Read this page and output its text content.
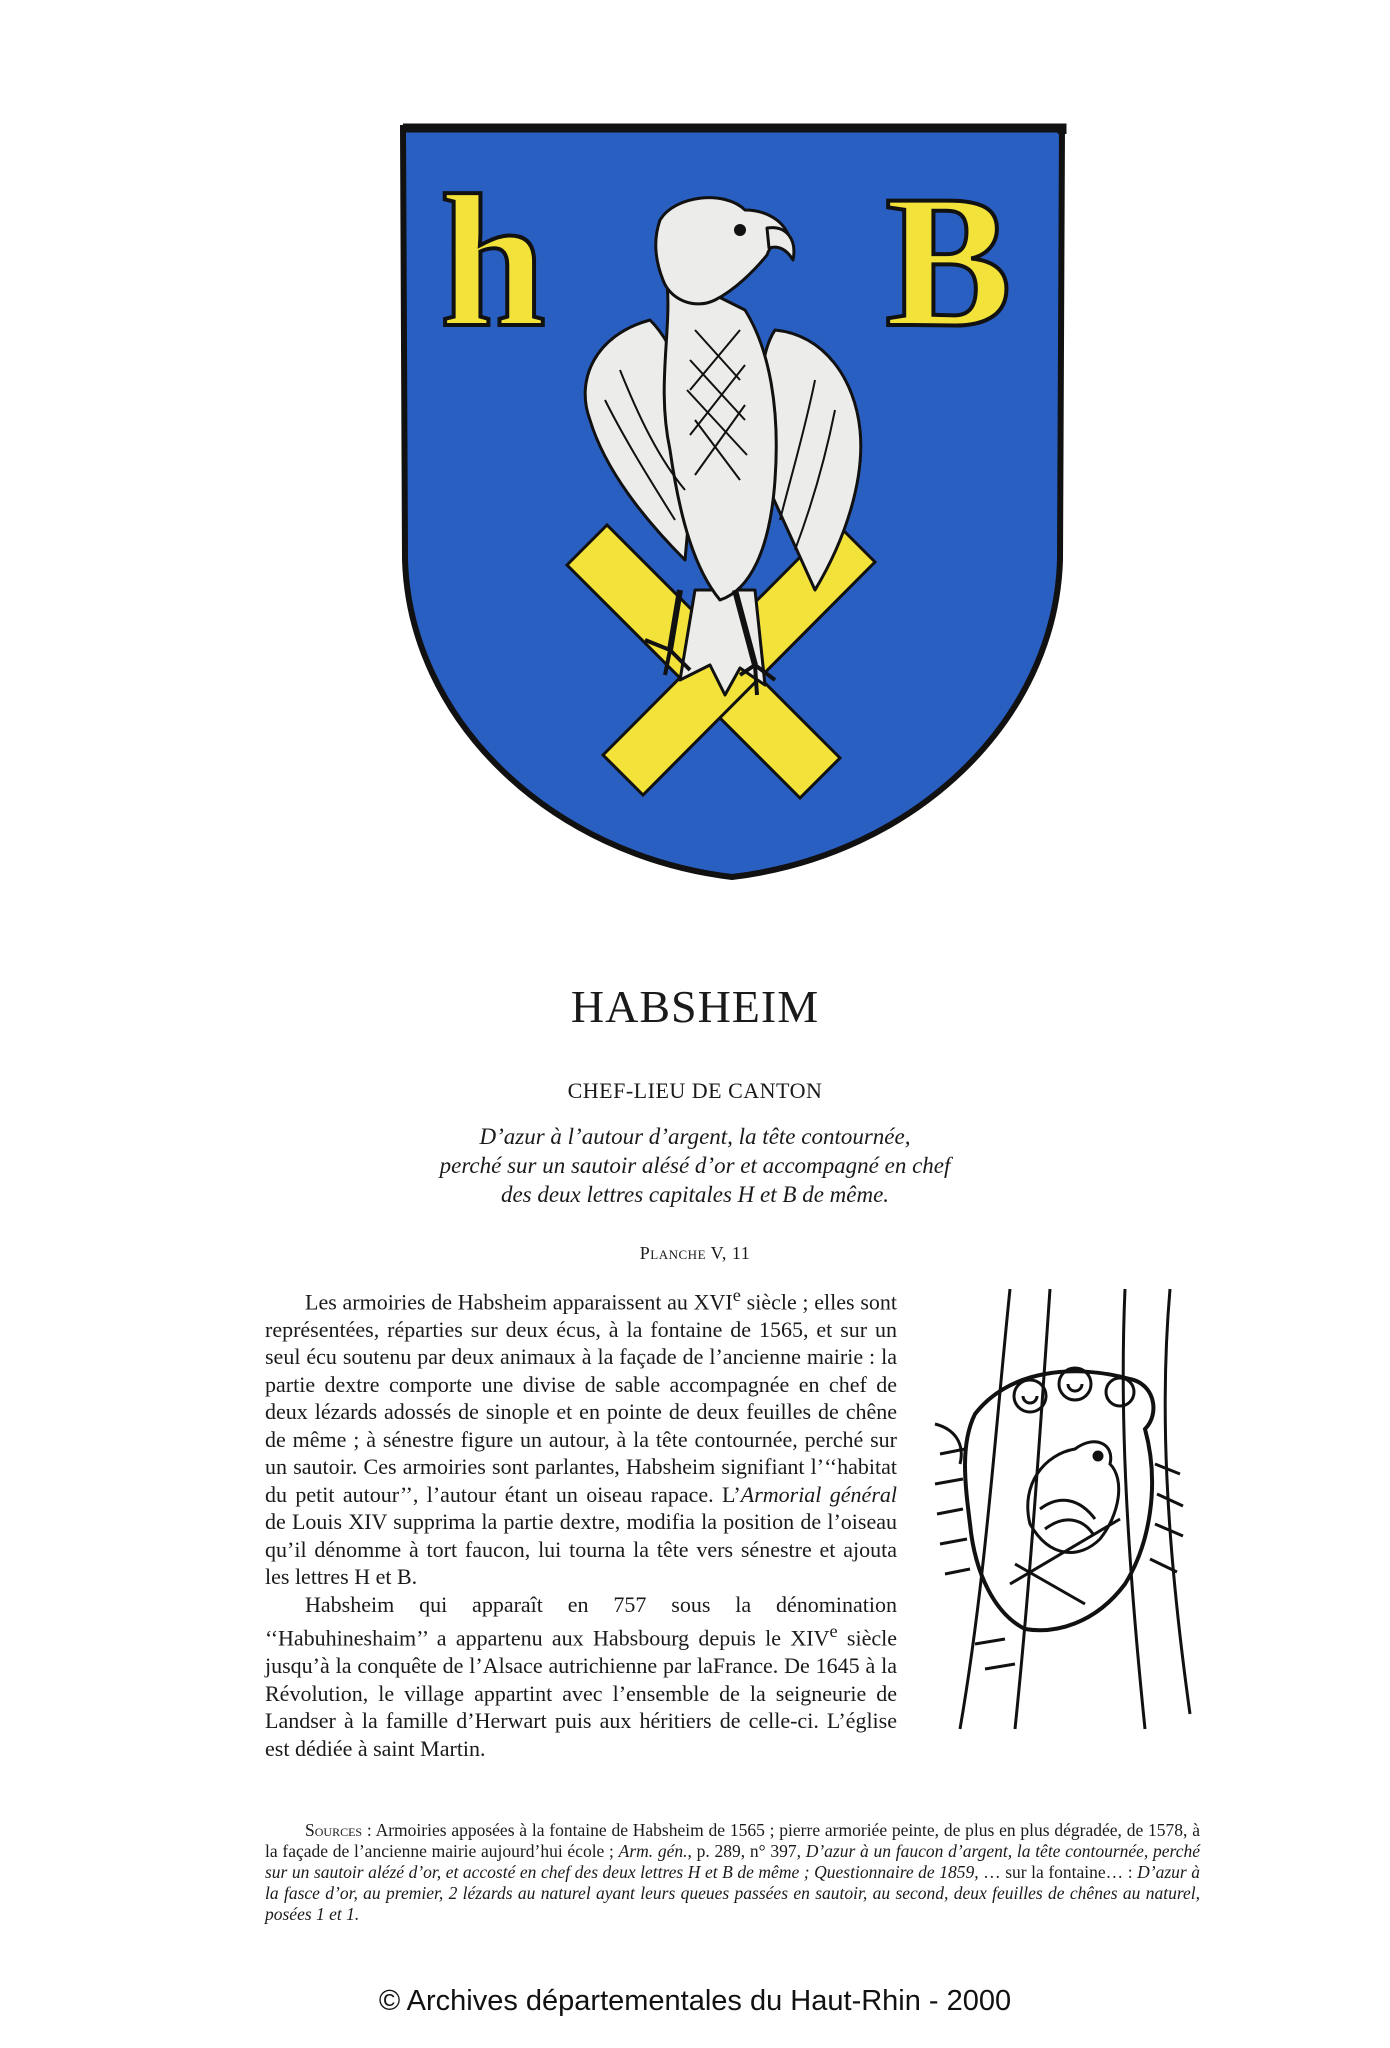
h B
HABSHEIM
CHEF-LIEU DE CANTON
D’azur à l’autour d’argent, la tête contournée,
perché sur un sautoir alésé d’or et accompagné en chef
des deux lettres capitales H et B de même.
Planche V, 11

Les armoiries de Habsheim apparaissent au XVIe siècle ; elles sont représentées, réparties sur deux écus, à la fontaine de 1565, et sur un seul écu soutenu par deux animaux à la façade de l’ancienne mairie : la partie dextre comporte une divise de sable accompagnée en chef de deux lézards adossés de sinople et en pointe de deux feuilles de chêne de même ; à sénestre figure un autour, à la tête contournée, perché sur un sautoir. Ces armoiries sont parlantes, Habsheim signifiant l’‘‘habitat du petit autour’’, l’autour étant un oiseau rapace. L’Armorial général de Louis XIV supprima la partie dextre, modifia la position de l’oiseau qu’il dénomme à tort faucon, lui tourna la tête vers sénestre et ajouta les lettres H et B.

Habsheim qui apparaît en 757 sous la dénomination ‘‘Habuhineshaim’’ a appartenu aux Habsbourg depuis le XIVe siècle jusqu’à la conquête de l’Alsace autrichienne par laFrance. De 1645 à la Révolution, le village appartint avec l’ensemble de la seigneurie de Landser à la famille d’Herwart puis aux héritiers de celle-ci. L’église est dédiée à saint Martin.

Sources : Armoiries apposées à la fontaine de Habsheim de 1565 ; pierre armoriée peinte, de plus en plus dégradée, de 1578, à la façade de l’ancienne mairie aujourd’hui école ; Arm. gén., p. 289, n° 397, D’azur à un faucon d’argent, la tête contournée, perché sur un sautoir alézé d’or, et accosté en chef des deux lettres H et B de même ; Questionnaire de 1859, … sur la fontaine… : D’azur à la fasce d’or, au premier, 2 lézards au naturel ayant leurs queues passées en sautoir, au second, deux feuilles de chênes au naturel, posées 1 et 1.
© Archives départementales du Haut-Rhin - 2000
